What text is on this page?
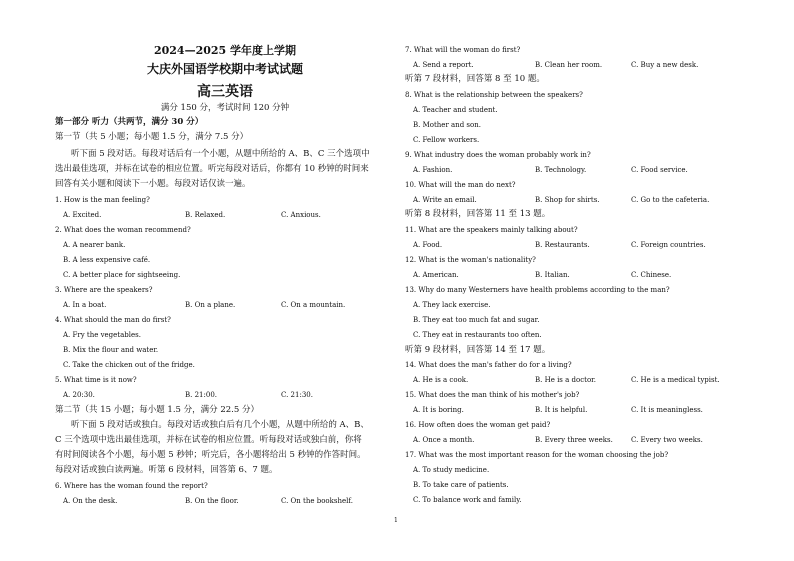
2024—2025 学年度上学期
大庆外国语学校期中考试试题
高三英语
满分 150 分，考试时间 120 分钟
第一部分 听力（共两节，满分 30 分）
第一节（共 5 小题；每小题 1.5 分，满分 7.5 分）
听下面 5 段对话。每段对话后有一个小题，从题中所给的 A、B、C 三个选项中
选出最佳选项，并标在试卷的相应位置。听完每段对话后，你都有 10 秒钟的时间来
回答有关小题和阅读下一小题。每段对话仅读一遍。
1. How is the man feeling?
A. Excited.	B. Relaxed.	C. Anxious.
2. What does the woman recommend?
A. A nearer bank.
B. A less expensive café.
C. A better place for sightseeing.
3. Where are the speakers?
A. In a boat.	B. On a plane.	C. On a mountain.
4. What should the man do first?
A. Fry the vegetables.
B. Mix the flour and water.
C. Take the chicken out of the fridge.
5. What time is it now?
A. 20:30.	B. 21:00.	C. 21:30.
第二节（共 15 小题；每小题 1.5 分，满分 22.5 分）
听下面 5 段对话或独白。每段对话或独白后有几个小题，从题中所给的 A、B、
C 三个选项中选出最佳选项，并标在试卷的相应位置。听每段对话或独白前，你将
有时间阅读各个小题，每小题 5 秒钟；听完后，各小题将给出 5 秒钟的作答时间。
每段对话或独白读两遍。听第 6 段材料，回答第 6、7 题。
6. Where has the woman found the report?
A. On the desk.	B. On the floor.	C. On the bookshelf.
7. What will the woman do first?
A. Send a report.	B. Clean her room.	C. Buy a new desk.
听第 7 段材料，回答第 8 至 10 题。
8. What is the relationship between the speakers?
A. Teacher and student.
B. Mother and son.
C. Fellow workers.
9. What industry does the woman probably work in?
A. Fashion.	B. Technology.	C. Food service.
10. What will the man do next?
A. Write an email.	B. Shop for shirts.	C. Go to the cafeteria.
听第 8 段材料，回答第 11 至 13 题。
11. What are the speakers mainly talking about?
A. Food.	B. Restaurants.	C. Foreign countries.
12. What is the woman's nationality?
A. American.	B. Italian.	C. Chinese.
13. Why do many Westerners have health problems according to the man?
A. They lack exercise.
B. They eat too much fat and sugar.
C. They eat in restaurants too often.
听第 9 段材料，回答第 14 至 17 题。
14. What does the man's father do for a living?
A. He is a cook.	B. He is a doctor.	C. He is a medical typist.
15. What does the man think of his mother's job?
A. It is boring.	B. It is helpful.	C. It is meaningless.
16. How often does the woman get paid?
A. Once a month.	B. Every three weeks.	C. Every two weeks.
17. What was the most important reason for the woman choosing the job?
A. To study medicine.
B. To take care of patients.
C. To balance work and family.
1
